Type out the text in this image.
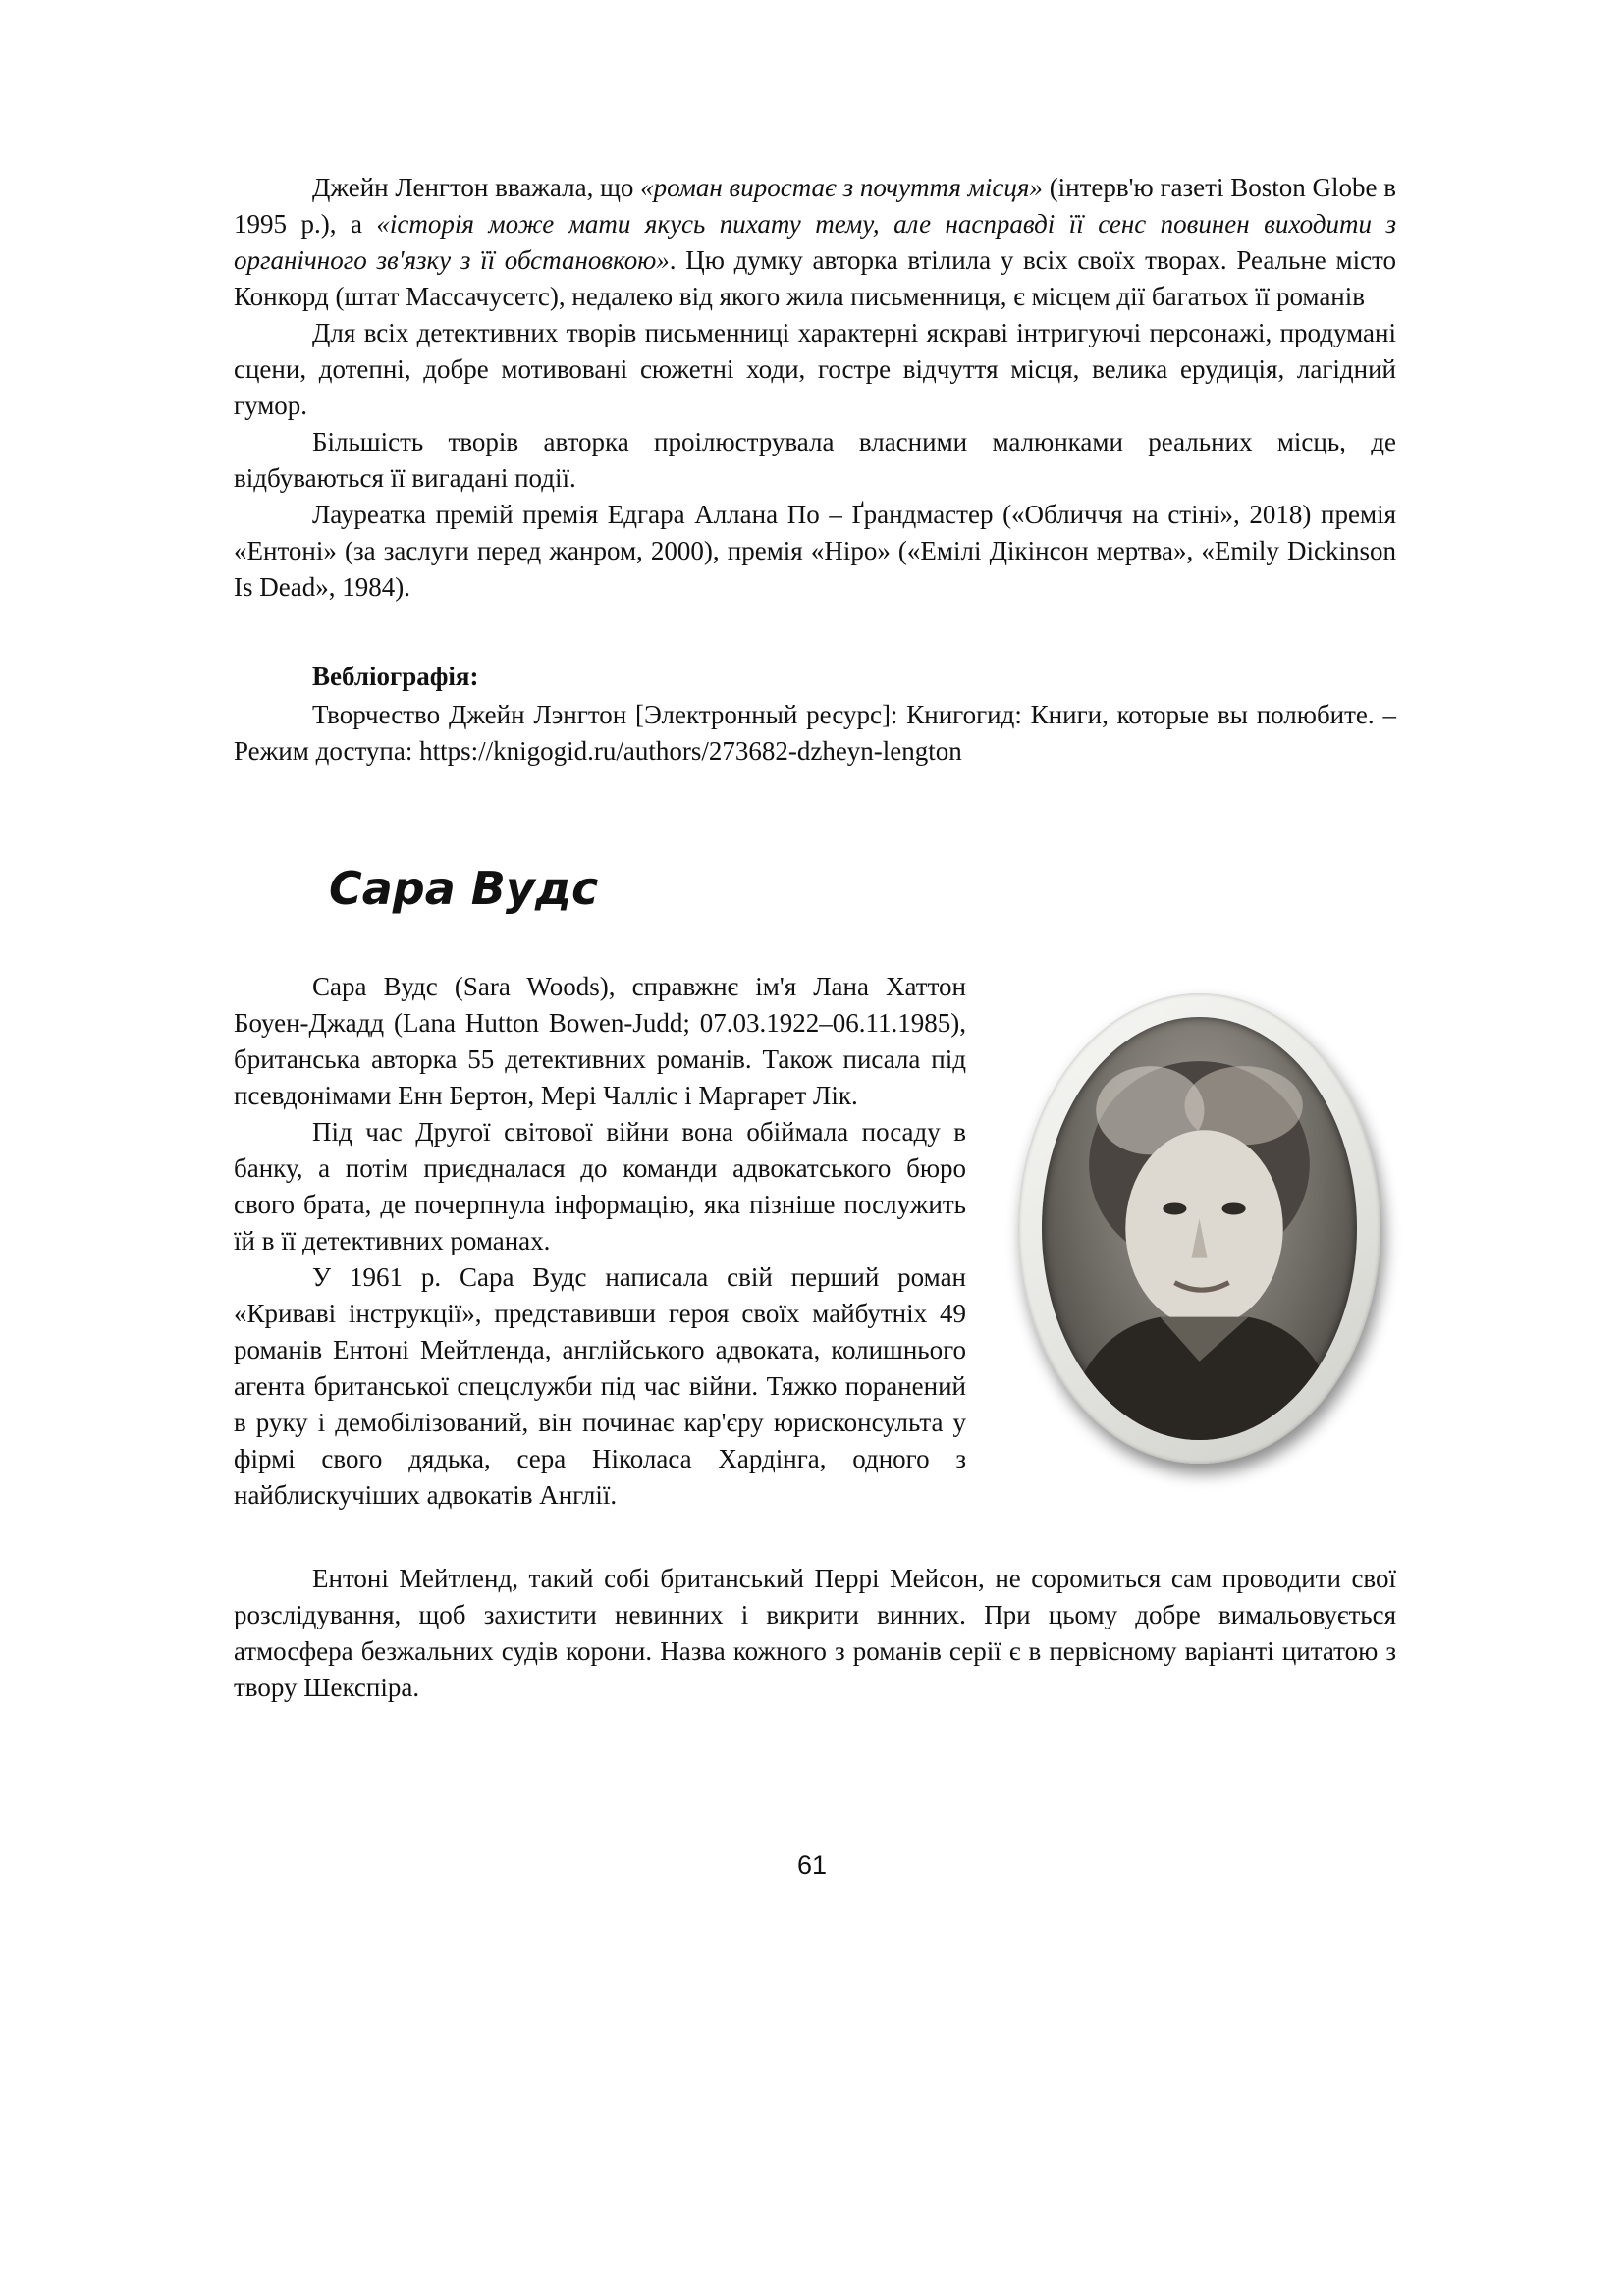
Джейн Ленгтон вважала, що «роман виростає з почуття місця» (інтерв'ю газеті Boston Globe в 1995 р.), а «історія може мати якусь пихату тему, але насправді її сенс повинен виходити з органічного зв'язку з її обстановкою». Цю думку авторка втілила у всіх своїх творах. Реальне місто Конкорд (штат Массачусетс), недалеко від якого жила письменниця, є місцем дії багатьох її романів

Для всіх детективних творів письменниці характерні яскраві інтригуючі персонажі, продумані сцени, дотепні, добре мотивовані сюжетні ходи, гостре відчуття місця, велика ерудиція, лагідний гумор.

Більшість творів авторка проілюструвала власними малюнками реальних місць, де відбуваються її вигадані події.

Лауреатка премій премія Едгара Аллана По – Ґрандмастер («Обличчя на стіні», 2018) премія «Ентоні» (за заслуги перед жанром, 2000), премія «Ніро» («Емілі Дікінсон мертва», «Emily Dickinson Is Dead», 1984).

Вебліографія:

Творчество Джейн Лэнгтон [Электронный ресурс]: Книгогид: Книги, которые вы полюбите. – Режим доступа: https://knigogid.ru/authors/273682-dzheyn-lengton

Сара Вудс

Сара Вудс (Sara Woods), справжнє ім'я Лана Хаттон Боуен-Джадд (Lana Hutton Bowen-Judd; 07.03.1922–06.11.1985), британська авторка 55 детективних романів. Також писала під псевдонімами Енн Бертон, Мері Чалліс і Маргарет Лік.

Під час Другої світової війни вона обіймала посаду в банку, а потім приєдналася до команди адвокатського бюро свого брата, де почерпнула інформацію, яка пізніше послужить їй в її детективних романах.

У 1961 р. Сара Вудс написала свій перший роман «Криваві інструкції», представивши героя своїх майбутніх 49 романів Ентоні Мейтленда, англійського адвоката, колишнього агента британської спецслужби під час війни. Тяжко поранений в руку і демобілізований, він починає кар'єру юрисконсульта у фірмі свого дядька, сера Ніколаса Хардінга, одного з найблискучіших адвокатів Англії.

Ентоні Мейтленд, такий собі британський Перрі Мейсон, не соромиться сам проводити свої розслідування, щоб захистити невинних і викрити винних. При цьому добре вимальовується атмосфера безжальних судів корони. Назва кожного з романів серії є в первісному варіанті цитатою з твору Шекспіра.

61
